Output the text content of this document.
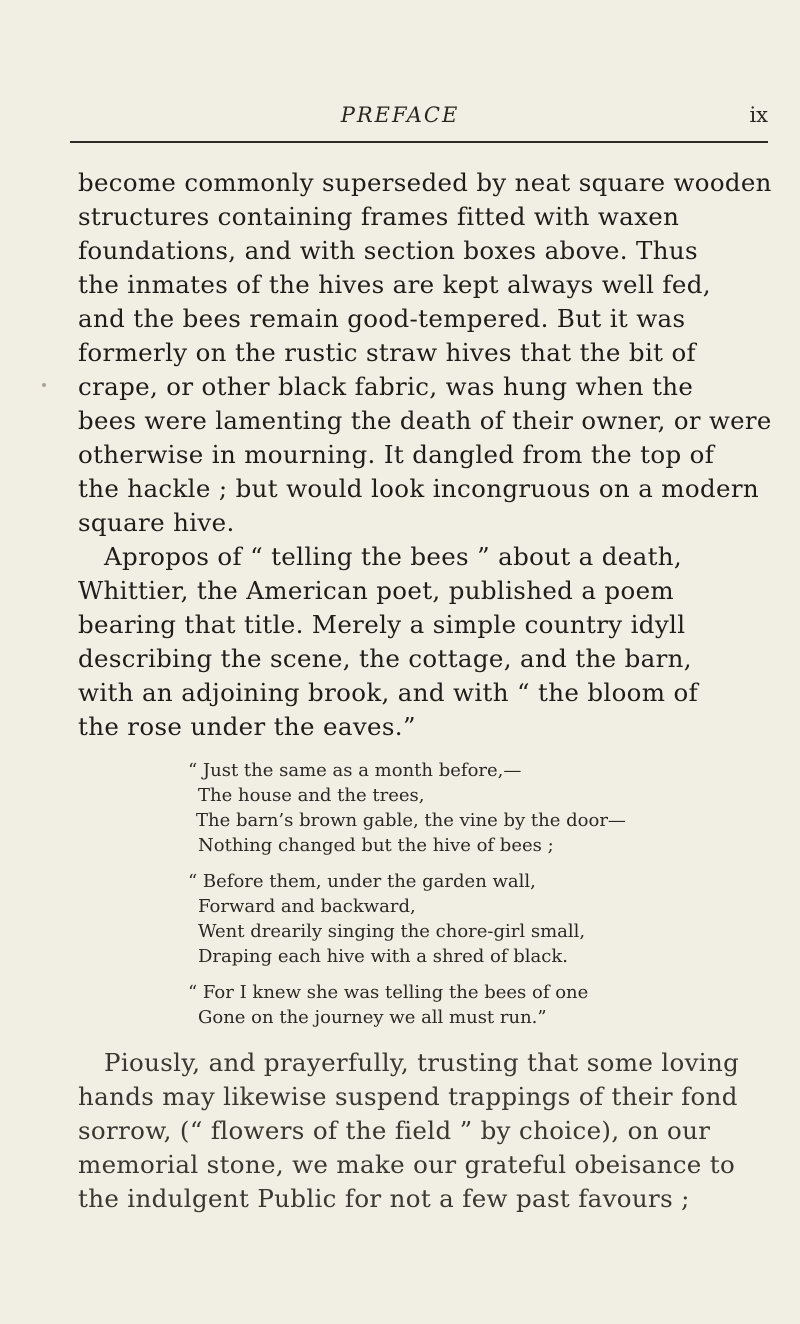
PREFACE	ix
become commonly superseded by neat square wooden
structures containing frames fitted with waxen
foundations, and with section boxes above. Thus
the inmates of the hives are kept always well fed,
and the bees remain good-tempered. But it was
formerly on the rustic straw hives that the bit of
crape, or other black fabric, was hung when the
bees were lamenting the death of their owner, or were
otherwise in mourning. It dangled from the top of
the hackle ; but would look incongruous on a modern
square hive.
Apropos of “ telling the bees ” about a death,
Whittier, the American poet, published a poem
bearing that title. Merely a simple country idyll
describing the scene, the cottage, and the barn,
with an adjoining brook, and with “ the bloom of
the rose under the eaves.”
“ Just the same as a month before,—
The house and the trees,
The barn’s brown gable, the vine by the door—
Nothing changed but the hive of bees ;
“ Before them, under the garden wall,
Forward and backward,
Went drearily singing the chore-girl small,
Draping each hive with a shred of black.
“ For I knew she was telling the bees of one
Gone on the journey we all must run.”
Piously, and prayerfully, trusting that some loving
hands may likewise suspend trappings of their fond
sorrow, (“ flowers of the field ” by choice), on our
memorial stone, we make our grateful obeisance to
the indulgent Public for not a few past favours ;
